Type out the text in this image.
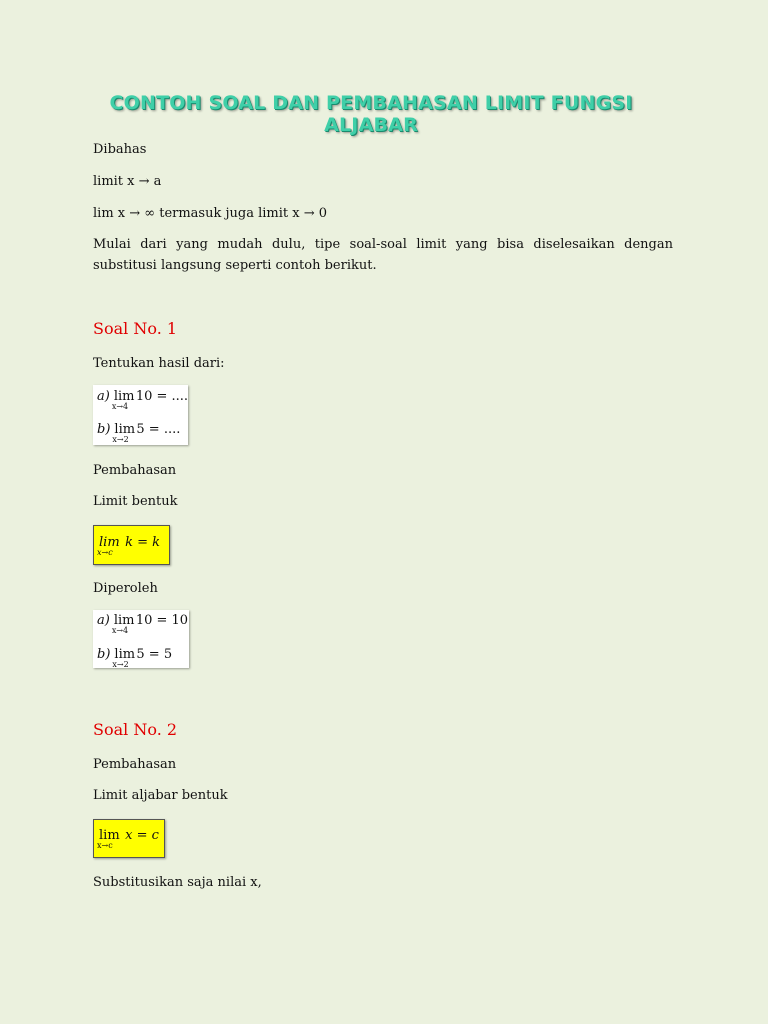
CONTOH SOAL DAN PEMBAHASAN LIMIT FUNGSI ALJABAR
Dibahas
limit x → a
lim x → ∞ termasuk juga limit x → 0
Mulai dari yang mudah dulu, tipe soal-soal limit yang bisa diselesaikan dengan substitusi langsung seperti contoh berikut.
Soal No. 1
Tentukan hasil dari:
a) lim
x→4
10 = ....
b) lim
x→2
5 = ....
Pembahasan
Limit bentuk
lim
x→c
k = k
Diperoleh
a) lim
x→4
10 = 10
b) lim
x→2
5 = 5
Soal No. 2
Pembahasan
Limit aljabar bentuk
lim
x→c
x = c
Substitusikan saja nilai x,
